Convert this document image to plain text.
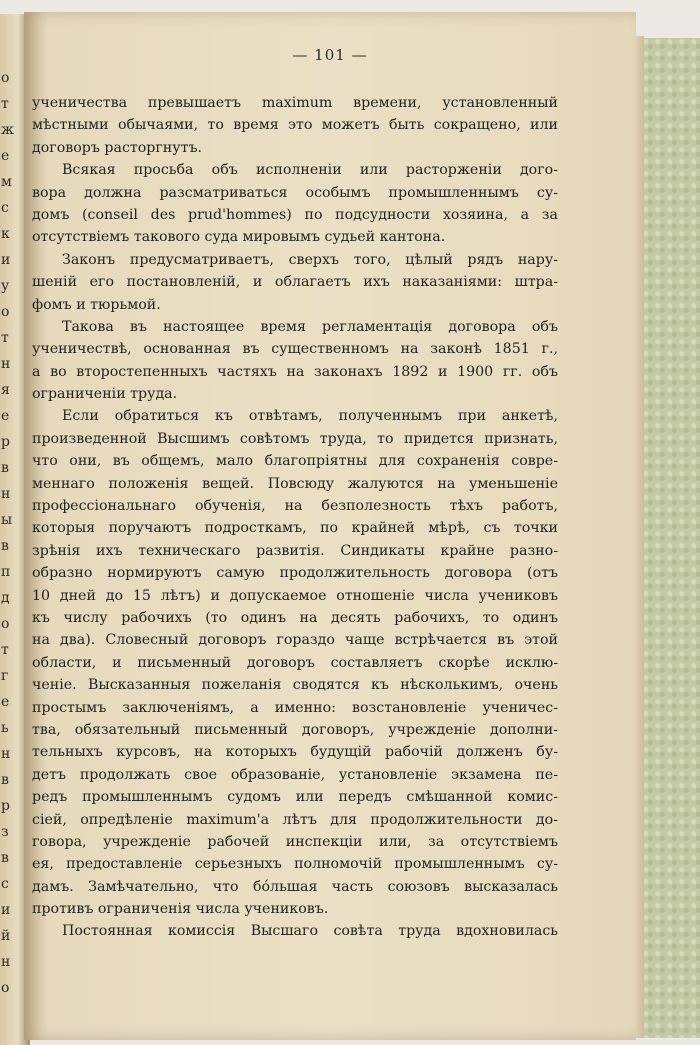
о
т
ж
е
м
с
к
и
у
о
т
н
я
е
р
в
н
ы
в
п
д
о
т
г
е
ь
н
в
р
з
в
с
и
й
н
о
— 101 —
ученичества превышаетъ maximum времени, установленный
мѣстными обычаями, то время это можетъ быть сокращено, или
договоръ расторгнутъ.
Всякая просьба объ исполненіи или расторженіи дого-
вора должна разсматриваться особымъ промышленнымъ су-
домъ (conseil des prud'hommes) по подсудности хозяина, а за
отсутствіемъ такового суда мировымъ судьей кантона.
Законъ предусматриваетъ, сверхъ того, цѣлый рядъ нару-
шеній его постановленій, и облагаетъ ихъ наказаніями: штра-
фомъ и тюрьмой.
Такова въ настоящее время регламентація договора объ
ученичествѣ, основанная въ существенномъ на законѣ 1851 г.,
а во второстепенныхъ частяхъ на законахъ 1892 и 1900 гг. объ
ограниченіи труда.
Если обратиться къ отвѣтамъ, полученнымъ при анкетѣ,
произведенной Высшимъ совѣтомъ труда, то придется признать,
что они, въ общемъ, мало благопріятны для сохраненія совре-
меннаго положенія вещей. Повсюду жалуются на уменьшеніе
профессіональнаго обученія, на безполезность тѣхъ работъ,
которыя поручаютъ подросткамъ, по крайней мѣрѣ, съ точки
зрѣнія ихъ техническаго развитія. Синдикаты крайне разно-
образно нормируютъ самую продолжительность договора (отъ
10 дней до 15 лѣтъ) и допускаемое отношеніе числа учениковъ
къ числу рабочихъ (то одинъ на десять рабочихъ, то одинъ
на два). Словесный договоръ гораздо чаще встрѣчается въ этой
области, и письменный договоръ составляетъ скорѣе исклю-
ченіе. Высказанныя пожеланія сводятся къ нѣсколькимъ, очень
простымъ заключеніямъ, а именно: возстановленіе ученичес-
тва, обязательный письменный договоръ, учрежденіе дополни-
тельныхъ курсовъ, на которыхъ будущій рабочій долженъ бу-
детъ продолжать свое образованіе, установленіе экзамена пе-
редъ промышленнымъ судомъ или передъ смѣшанной комис-
сіей, опредѣленіе maximum'a лѣтъ для продолжительности до-
говора, учрежденіе рабочей инспекціи или, за отсутствіемъ
ея, предоставленіе серьезныхъ полномочій промышленнымъ су-
дамъ. Замѣчательно, что бóльшая часть союзовъ высказалась
противъ ограниченія числа учениковъ.
Постоянная комиссія Высшаго совѣта труда вдохновилась
